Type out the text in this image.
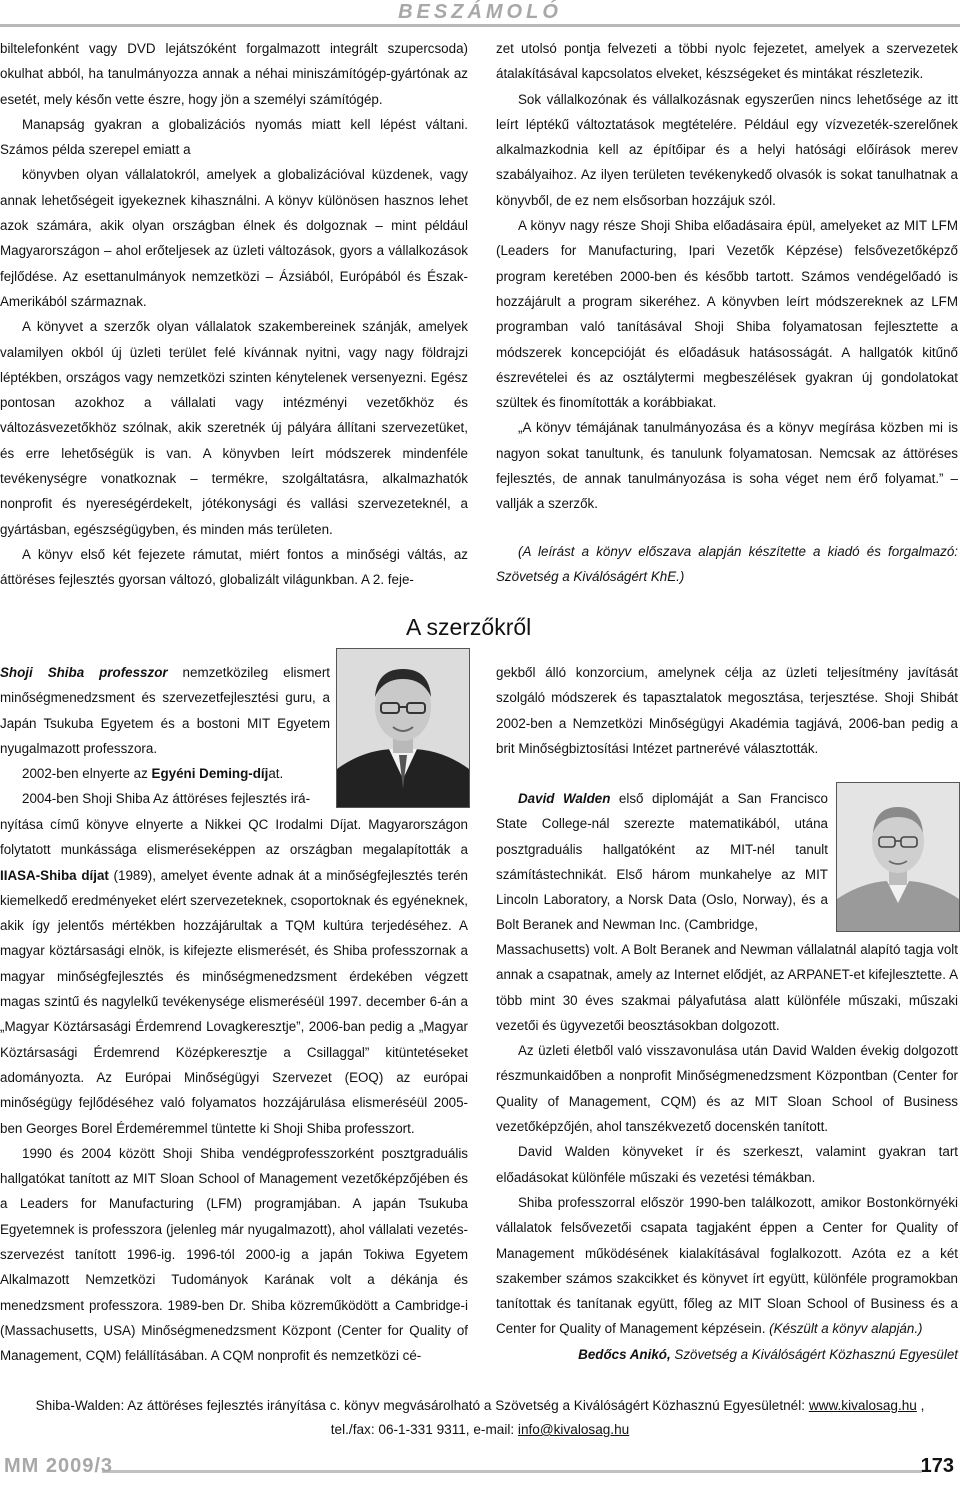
BESZÁMOLÓ

biltelefonként vagy DVD lejátszóként forgalmazott integrált szupercsoda) okulhat abból, ha tanulmányozza annak a néhai miniszámítógép-gyártónak az esetét, mely későn vette észre, hogy jön a személyi számítógép.

Manapság gyakran a globalizációs nyomás miatt kell lépést váltani. Számos példa szerepel emiatt a

könyvben olyan vállalatokról, amelyek a globalizációval küzdenek, vagy annak lehetőségeit igyekeznek kihasználni. A könyv különösen hasznos lehet azok számára, akik olyan országban élnek és dolgoznak – mint például Magyarországon – ahol erőteljesek az üzleti változások, gyors a vállalkozások fejlődése. Az esettanulmányok nemzetközi – Ázsiából, Európából és Észak-Amerikából származnak.

A könyvet a szerzők olyan vállalatok szakembereinek szánják, amelyek valamilyen okból új üzleti terület felé kívánnak nyitni, vagy nagy földrajzi léptékben, országos vagy nemzetközi szinten kénytelenek versenyezni. Egész pontosan azokhoz a vállalati vagy intézményi vezetőkhöz és változásvezetőkhöz szólnak, akik szeretnék új pályára állítani szervezetüket, és erre lehetőségük is van. A könyvben leírt módszerek mindenféle tevékenységre vonatkoznak – termékre, szolgáltatásra, alkalmazhatók nonprofit és nyereségérdekelt, jótékonysági és vallási szervezeteknél, a gyártásban, egészségügyben, és minden más területen.

A könyv első két fejezete rámutat, miért fontos a minőségi váltás, az áttöréses fejlesztés gyorsan változó, globalizált világunkban. A 2. feje-

zet utolsó pontja felvezeti a többi nyolc fejezetet, amelyek a szervezetek átalakításával kapcsolatos elveket, készségeket és mintákat részletezik.

Sok vállalkozónak és vállalkozásnak egyszerűen nincs lehetősége az itt leírt léptékű változtatások megtételére. Például egy vízvezeték-szerelőnek alkalmazkodnia kell az építőipar és a helyi hatósági előírások merev szabályaihoz. Az ilyen területen tevékenykedő olvasók is sokat tanulhatnak a könyvből, de ez nem elsősorban hozzájuk szól.

A könyv nagy része Shoji Shiba előadásaira épül, amelyeket az MIT LFM (Leaders for Manufacturing, Ipari Vezetők Képzése) felsővezetőképző program keretében 2000-ben és később tartott. Számos vendégelőadó is hozzájárult a program sikeréhez. A könyvben leírt módszereknek az LFM programban való tanításával Shoji Shiba folyamatosan fejlesztette a módszerek koncepcióját és előadásuk hatásosságát. A hallgatók kitűnő észrevételei és az osztálytermi megbeszélések gyakran új gondolatokat szültek és finomították a korábbiakat.

„A könyv témájának tanulmányozása és a könyv megírása közben mi is nagyon sokat tanultunk, és tanulunk folyamatosan. Nemcsak az áttöréses fejlesztés, de annak tanulmányozása is soha véget nem érő folyamat.” – vallják a szerzők.

(A leírást a könyv előszava alapján készítette a kiadó és forgalmazó: Szövetség a Kiválóságért KhE.)

A szerzőkről

Shoji Shiba professzor nemzetközileg elismert minőségmenedzsment és szervezetfejlesztési guru, a Japán Tsukuba Egyetem és a bostoni MIT Egyetem nyugalmazott professzora.

2002-ben elnyerte az Egyéni Deming-díjat.

2004-ben Shoji Shiba Az áttöréses fejlesztés irá-

nyítása című könyve elnyerte a Nikkei QC Irodalmi Díjat. Magyarországon folytatott munkássága elismeréseképpen az országban megalapították a IIASA-Shiba díjat (1989), amelyet évente adnak át a minőségfejlesztés terén kiemelkedő eredményeket elért szervezeteknek, csoportoknak és egyéneknek, akik így jelentős mértékben hozzájárultak a TQM kultúra terjedéséhez. A magyar köztársasági elnök, is kifejezte elismerését, és Shiba professzornak a magyar minőségfejlesztés és minőségmenedzsment érdekében végzett magas szintű és nagylelkű tevékenysége elismeréséül 1997. december 6-án a „Magyar Köztársasági Érdemrend Lovagkeresztje”, 2006-ban pedig a „Magyar Köztársasági Érdemrend Középkeresztje a Csillaggal” kitüntetéseket adományozta. Az Európai Minőségügyi Szervezet (EOQ) az európai minőségügy fejlődéséhez való folyamatos hozzájárulása elismeréséül 2005-ben Georges Borel Érdeméremmel tüntette ki Shoji Shiba professzort.

1990 és 2004 között Shoji Shiba vendégprofesszorként posztgraduális hallgatókat tanított az MIT Sloan School of Management vezetőképzőjében és a Leaders for Manufacturing (LFM) programjában. A japán Tsukuba Egyetemnek is professzora (jelenleg már nyugalmazott), ahol vállalati vezetés-szervezést tanított 1996-ig. 1996-tól 2000-ig a japán Tokiwa Egyetem Alkalmazott Nemzetközi Tudományok Karának volt a dékánja és menedzsment professzora. 1989-ben Dr. Shiba közreműködött a Cambridge-i (Massachusetts, USA) Minőségmenedzsment Központ (Center for Quality of Management, CQM) felállításában. A CQM nonprofit és nemzetközi cé-

gekből álló konzorcium, amelynek célja az üzleti teljesítmény javítását szolgáló módszerek és tapasztalatok megosztása, terjesztése. Shoji Shibát 2002-ben a Nemzetközi Minőségügyi Akadémia tagjává, 2006-ban pedig a brit Minőségbiztosítási Intézet partnerévé választották.

David Walden első diplomáját a San Francisco State College-nál szerezte matematikából, utána posztgraduális hallgatóként az MIT-nél tanult számítástechnikát. Első három munkahelye az MIT Lincoln Laboratory, a Norsk Data (Oslo, Norway), és a Bolt Beranek and Newman Inc. (Cambridge,

Massachusetts) volt. A Bolt Beranek and Newman vállalatnál alapító tagja volt annak a csapatnak, amely az Internet elődjét, az ARPANET-et kifejlesztette. A több mint 30 éves szakmai pályafutása alatt különféle műszaki, műszaki vezetői és ügyvezetői beosztásokban dolgozott.

Az üzleti életből való visszavonulása után David Walden évekig dolgozott részmunkaidőben a nonprofit Minőségmenedzsment Központban (Center for Quality of Management, CQM) és az MIT Sloan School of Business vezetőképzőjén, ahol tanszékvezető docenskén tanított.

David Walden könyveket ír és szerkeszt, valamint gyakran tart előadásokat különféle műszaki és vezetési témákban.

Shiba professzorral először 1990-ben találkozott, amikor Bostonkörnyéki vállalatok felsővezetői csapata tagjaként éppen a Center for Quality of Management működésének kialakításával foglalkozott. Azóta ez a két szakember számos szakcikket és könyvet írt együtt, különféle programokban tanítottak és tanítanak együtt, főleg az MIT Sloan School of Business és a Center for Quality of Management képzésein. (Készült a könyv alapján.)

Bedőcs Anikó, Szövetség a Kiválóságért Közhasznú Egyesület

Shiba-Walden: Az áttöréses fejlesztés irányítása c. könyv megvásárolható a Szövetség a Kiválóságért Közhasznú Egyesületnél: www.kivalosag.hu ,
tel./fax: 06-1-331 9311, e-mail: info@kivalosag.hu
MM 2009/3	173
